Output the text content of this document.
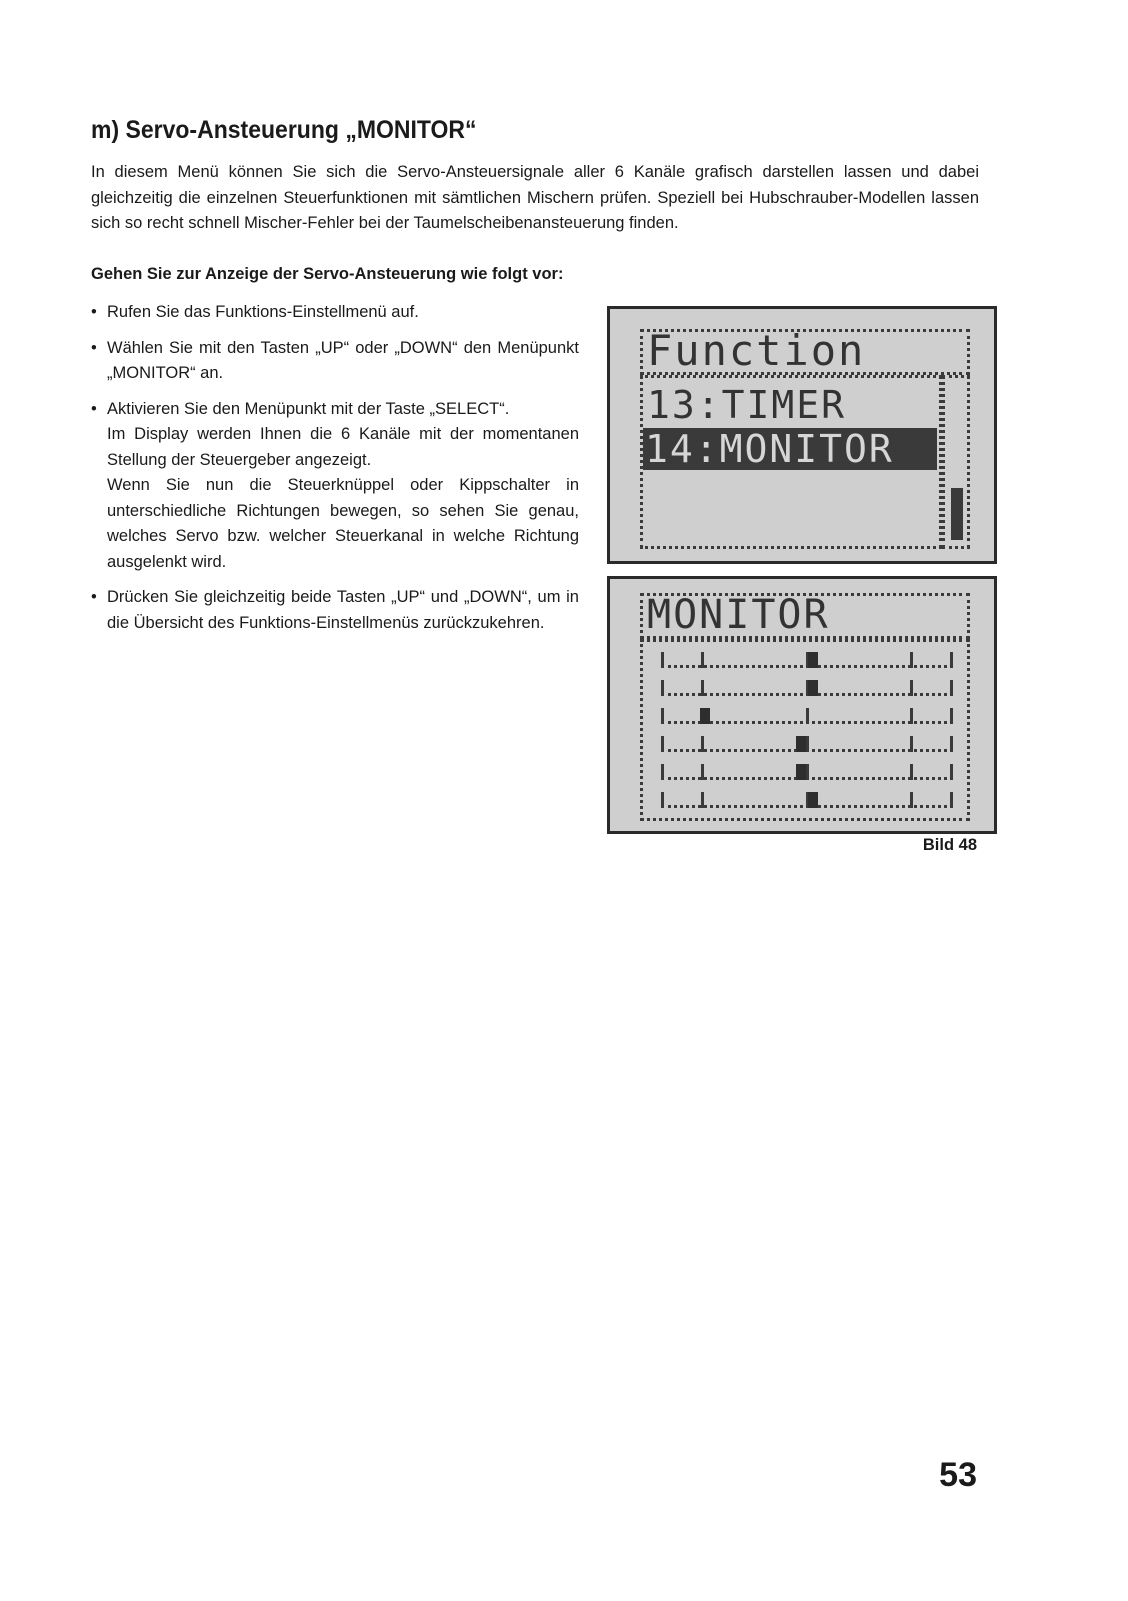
m) Servo-Ansteuerung „MONITOR“

In diesem Menü können Sie sich die Servo-Ansteuersignale aller 6 Kanäle grafisch darstellen lassen und dabei gleichzeitig die einzelnen Steuerfunktionen mit sämtlichen Mischern prüfen. Speziell bei Hubschrauber-Modellen lassen sich so recht schnell Mischer-Fehler bei der Taumelscheibenansteuerung finden.

Gehen Sie zur Anzeige der Servo-Ansteuerung wie folgt vor:

• Rufen Sie das Funktions-Einstellmenü auf.
• Wählen Sie mit den Tasten „UP“ oder „DOWN“ den Menüpunkt „MONITOR“ an.
• Aktivieren Sie den Menüpunkt mit der Taste „SELECT“.

Im Display werden Ihnen die 6 Kanäle mit der momentanen Stellung der Steuergeber angezeigt.

Wenn Sie nun die Steuerknüppel oder Kippschalter in unterschiedliche Richtungen bewegen, so sehen Sie genau, welches Servo bzw. welcher Steuerkanal in welche Richtung ausgelenkt wird.

• Drücken Sie gleichzeitig beide Tasten „UP“ und „DOWN“, um in die Übersicht des Funktions-Einstellmenüs zurückzukehren.
Function
13:TIMER
14:MONITOR
MONITOR

Bild 48

53
